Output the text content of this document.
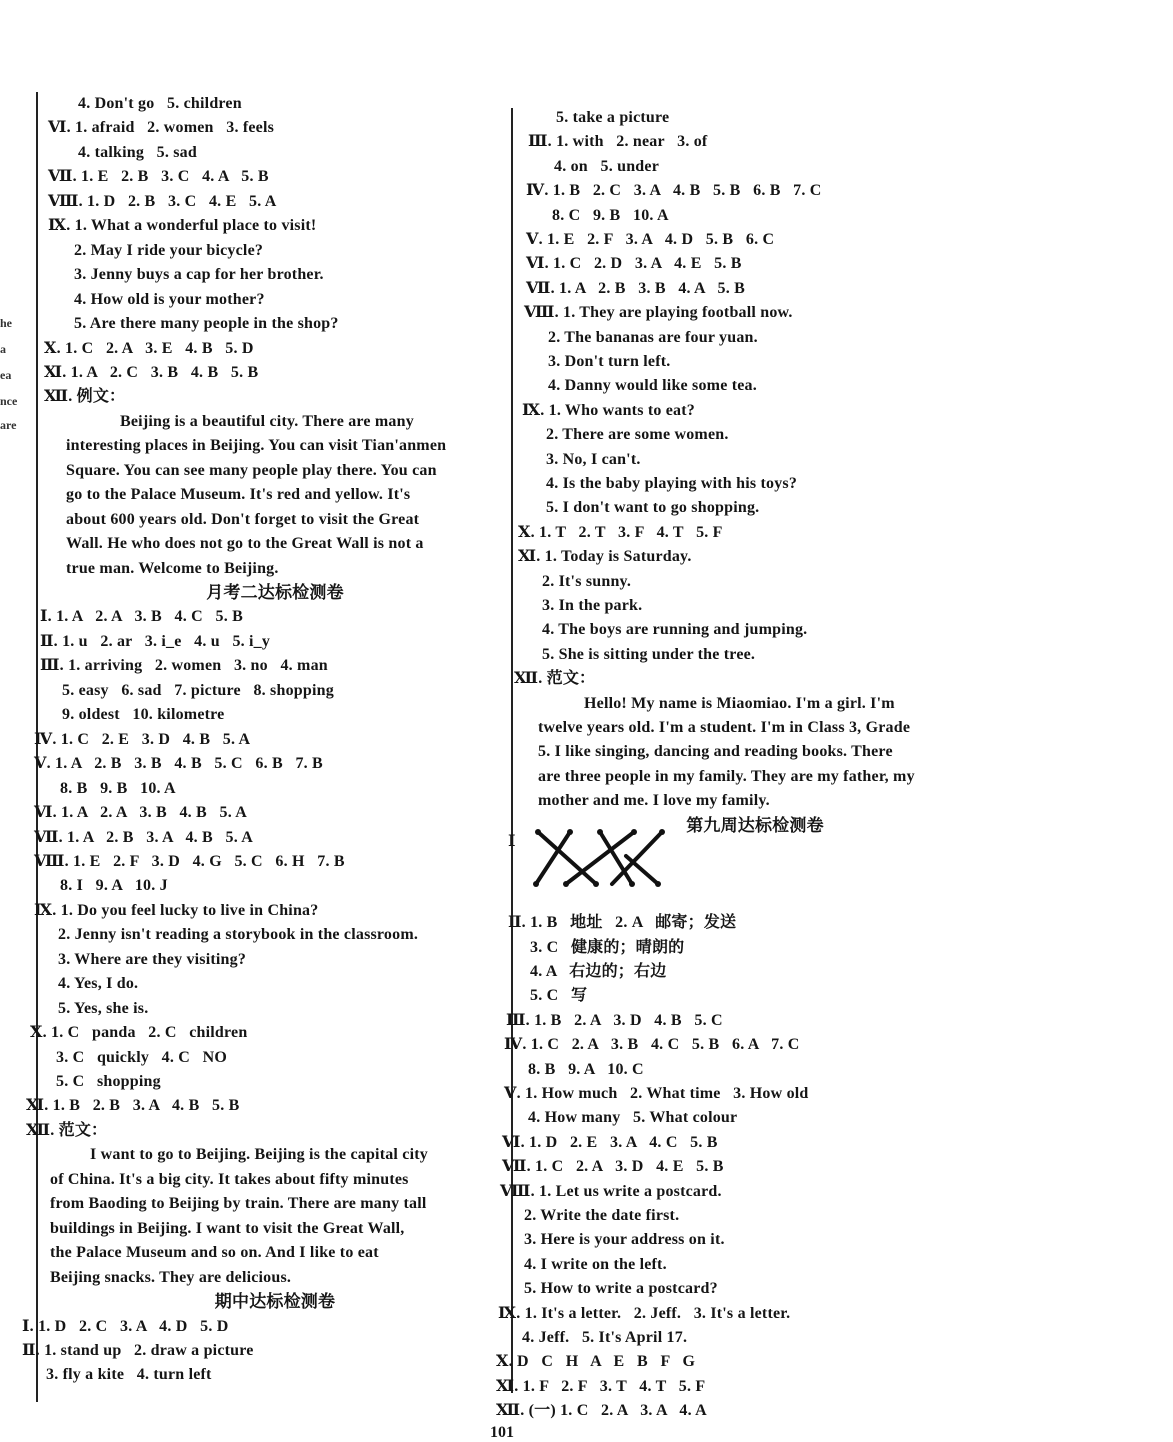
he
a
ea
nce
are
4. Don't go   5. children
Ⅵ. 1. afraid   2. women   3. feels
4. talking   5. sad
Ⅶ. 1. E   2. B   3. C   4. A   5. B
Ⅷ. 1. D   2. B   3. C   4. E   5. A
Ⅸ. 1. What a wonderful place to visit!
2. May I ride your bicycle?
3. Jenny buys a cap for her brother.
4. How old is your mother?
5. Are there many people in the shop?
Ⅹ. 1. C   2. A   3. E   4. B   5. D
Ⅺ. 1. A   2. C   3. B   4. B   5. B
Ⅻ. 例文：
Beijing is a beautiful city. There are many
interesting places in Beijing. You can visit Tian'anmen
Square. You can see many people play there. You can
go to the Palace Museum. It's red and yellow. It's
about 600 years old. Don't forget to visit the Great
Wall. He who does not go to the Great Wall is not a
true man. Welcome to Beijing.
月考二达标检测卷
Ⅰ. 1. A   2. A   3. B   4. C   5. B
Ⅱ. 1. u   2. ar   3. i_e   4. u   5. i_y
Ⅲ. 1. arriving   2. women   3. no   4. man
5. easy   6. sad   7. picture   8. shopping
9. oldest   10. kilometre
Ⅳ. 1. C   2. E   3. D   4. B   5. A
Ⅴ. 1. A   2. B   3. B   4. B   5. C   6. B   7. B
8. B   9. B   10. A
Ⅵ. 1. A   2. A   3. B   4. B   5. A
Ⅶ. 1. A   2. B   3. A   4. B   5. A
Ⅷ. 1. E   2. F   3. D   4. G   5. C   6. H   7. B
8. I   9. A   10. J
Ⅸ. 1. Do you feel lucky to live in China?
2. Jenny isn't reading a storybook in the classroom.
3. Where are they visiting?
4. Yes, I do.
5. Yes, she is.
Ⅹ. 1. C   panda   2. C   children
3. C   quickly   4. C   NO
5. C   shopping
Ⅺ. 1. B   2. B   3. A   4. B   5. B
Ⅻ. 范文：
I want to go to Beijing. Beijing is the capital city
of China. It's a big city. It takes about fifty minutes
from Baoding to Beijing by train. There are many tall
buildings in Beijing. I want to visit the Great Wall,
the Palace Museum and so on. And I like to eat
Beijing snacks. They are delicious.
期中达标检测卷
Ⅰ. 1. D   2. C   3. A   4. D   5. D
Ⅱ. 1. stand up   2. draw a picture
3. fly a kite   4. turn left
5. take a picture
Ⅲ. 1. with   2. near   3. of
4. on   5. under
Ⅳ. 1. B   2. C   3. A   4. B   5. B   6. B   7. C
8. C   9. B   10. A
Ⅴ. 1. E   2. F   3. A   4. D   5. B   6. C
Ⅵ. 1. C   2. D   3. A   4. E   5. B
Ⅶ. 1. A   2. B   3. B   4. A   5. B
Ⅷ. 1. They are playing football now.
2. The bananas are four yuan.
3. Don't turn left.
4. Danny would like some tea.
Ⅸ. 1. Who wants to eat?
2. There are some women.
3. No, I can't.
4. Is the baby playing with his toys?
5. I don't want to go shopping.
Ⅹ. 1. T   2. T   3. F   4. T   5. F
Ⅺ. 1. Today is Saturday.
2. It's sunny.
3. In the park.
4. The boys are running and jumping.
5. She is sitting under the tree.
Ⅻ. 范文：
Hello! My name is Miaomiao. I'm a girl. I'm
twelve years old. I'm a student. I'm in Class 3, Grade
5. I like singing, dancing and reading books. There
are three people in my family. They are my father, my
mother and me. I love my family.
第九周达标检测卷
Ⅱ. 1. B   地址   2. A   邮寄；发送
3. C   健康的；晴朗的
4. A   右边的；右边
5. C   写
Ⅲ. 1. B   2. A   3. D   4. B   5. C
Ⅳ. 1. C   2. A   3. B   4. C   5. B   6. A   7. C
8. B   9. A   10. C
Ⅴ. 1. How much   2. What time   3. How old
4. How many   5. What colour
Ⅵ. 1. D   2. E   3. A   4. C   5. B
Ⅶ. 1. C   2. A   3. D   4. E   5. B
Ⅷ. 1. Let us write a postcard.
2. Write the date first.
3. Here is your address on it.
4. I write on the left.
5. How to write a postcard?
Ⅸ. 1. It's a letter.   2. Jeff.   3. It's a letter.
4. Jeff.   5. It's April 17.
Ⅹ. D   C   H   A   E   B   F   G
Ⅺ. 1. F   2. F   3. T   4. T   5. F
Ⅻ. (一) 1. C   2. A   3. A   4. A
Ⅰ
101
